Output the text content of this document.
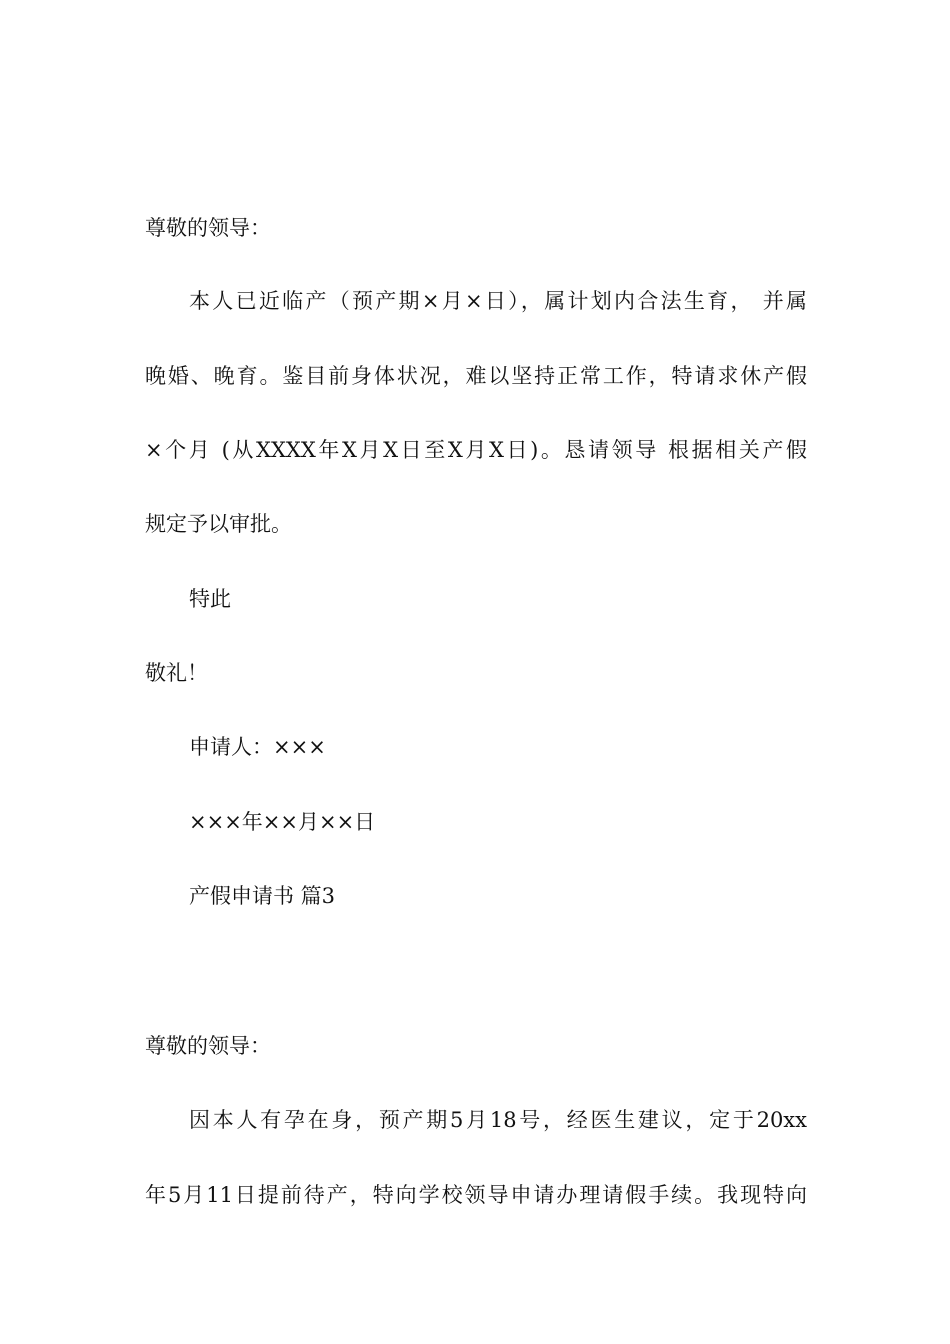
尊敬的领导：

本人已近临产（预产期×月×日），属计划内合法生育， 并属

晚婚、晚育。鉴目前身体状况，难以坚持正常工作，特请求休产假

×个月 (从XXXX年X月X日至X月X日)。恳请领导 根据相关产假

规定予以审批。

特此

敬礼！

申请人：×××

×××年××月××日

产假申请书 篇3

尊敬的领导：

因本人有孕在身，预产期5月18号，经医生建议，定于20xx

年5月11日提前待产，特向学校领导申请办理请假手续。我现特向
